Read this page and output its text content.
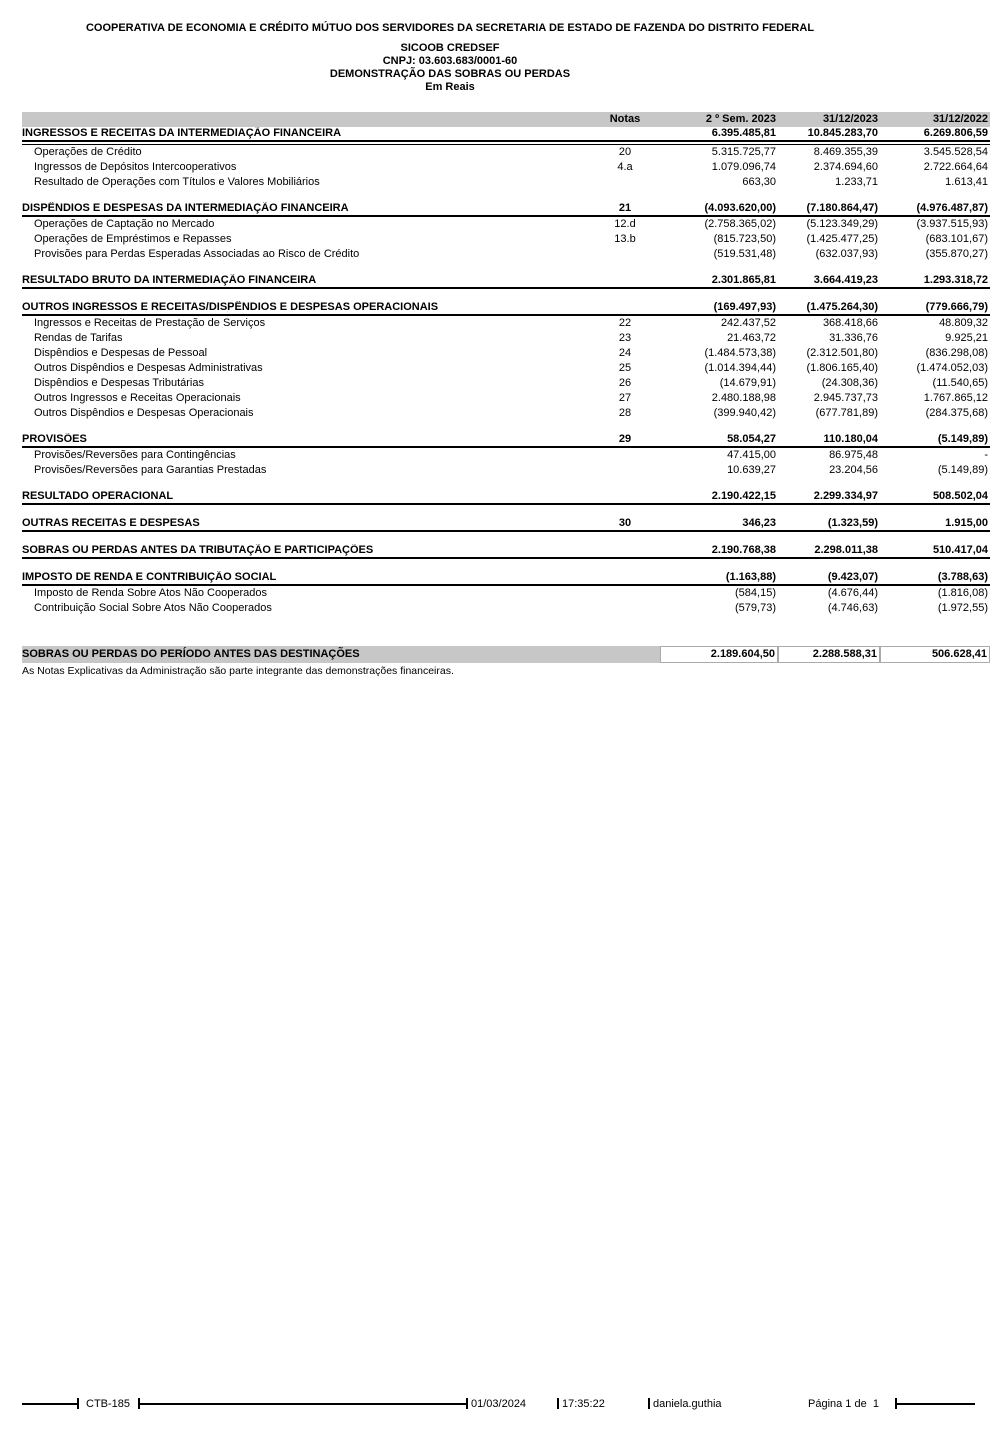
COOPERATIVA DE ECONOMIA E CRÉDITO MÚTUO DOS SERVIDORES DA SECRETARIA DE ESTADO DE FAZENDA DO DISTRITO FEDERAL
SICOOB CREDSEF
CNPJ: 03.603.683/0001-60
DEMONSTRAÇÃO DAS SOBRAS OU PERDAS
Em Reais
Notas	2 º Sem. 2023	31/12/2023	31/12/2022
INGRESSOS E RECEITAS DA INTERMEDIAÇÃO FINANCEIRA	6.395.485,81	10.845.283,70	6.269.806,59
Operações de Crédito	20	5.315.725,77	8.469.355,39	3.545.528,54
Ingressos de Depósitos Intercooperativos	4.a	1.079.096,74	2.374.694,60	2.722.664,64
Resultado de Operações com Títulos e Valores Mobiliários	663,30	1.233,71	1.613,41
DISPÊNDIOS E DESPESAS DA INTERMEDIAÇÃO FINANCEIRA	21	(4.093.620,00)	(7.180.864,47)	(4.976.487,87)
Operações de Captação no Mercado	12.d	(2.758.365,02)	(5.123.349,29)	(3.937.515,93)
Operações de Empréstimos e Repasses	13.b	(815.723,50)	(1.425.477,25)	(683.101,67)
Provisões para Perdas Esperadas Associadas ao Risco de Crédito	(519.531,48)	(632.037,93)	(355.870,27)
RESULTADO BRUTO DA INTERMEDIAÇÃO FINANCEIRA	2.301.865,81	3.664.419,23	1.293.318,72
OUTROS INGRESSOS E RECEITAS/DISPÊNDIOS E DESPESAS OPERACIONAIS	(169.497,93)	(1.475.264,30)	(779.666,79)
Ingressos e Receitas de Prestação de Serviços	22	242.437,52	368.418,66	48.809,32
Rendas de Tarifas	23	21.463,72	31.336,76	9.925,21
Dispêndios e Despesas de Pessoal	24	(1.484.573,38)	(2.312.501,80)	(836.298,08)
Outros Dispêndios e Despesas Administrativas	25	(1.014.394,44)	(1.806.165,40)	(1.474.052,03)
Dispêndios e Despesas Tributárias	26	(14.679,91)	(24.308,36)	(11.540,65)
Outros Ingressos e Receitas Operacionais	27	2.480.188,98	2.945.737,73	1.767.865,12
Outros Dispêndios e Despesas Operacionais	28	(399.940,42)	(677.781,89)	(284.375,68)
PROVISÕES	29	58.054,27	110.180,04	(5.149,89)
Provisões/Reversões para Contingências	47.415,00	86.975,48	-
Provisões/Reversões para Garantias Prestadas	10.639,27	23.204,56	(5.149,89)
RESULTADO OPERACIONAL	2.190.422,15	2.299.334,97	508.502,04
OUTRAS RECEITAS E DESPESAS	30	346,23	(1.323,59)	1.915,00
SOBRAS OU PERDAS ANTES DA TRIBUTAÇÃO E PARTICIPAÇÕES	2.190.768,38	2.298.011,38	510.417,04
IMPOSTO DE RENDA E CONTRIBUIÇÃO SOCIAL	(1.163,88)	(9.423,07)	(3.788,63)
Imposto de Renda Sobre Atos Não Cooperados	(584,15)	(4.676,44)	(1.816,08)
Contribuição Social Sobre Atos Não Cooperados	(579,73)	(4.746,63)	(1.972,55)
SOBRAS OU PERDAS DO PERÍODO ANTES DAS DESTINAÇÕES	2.189.604,50	2.288.588,31	506.628,41
As Notas Explicativas da Administração são parte integrante das demonstrações financeiras.
CTB-185	01/03/2024	17:35:22	daniela.guthia	Página 1 de  1
